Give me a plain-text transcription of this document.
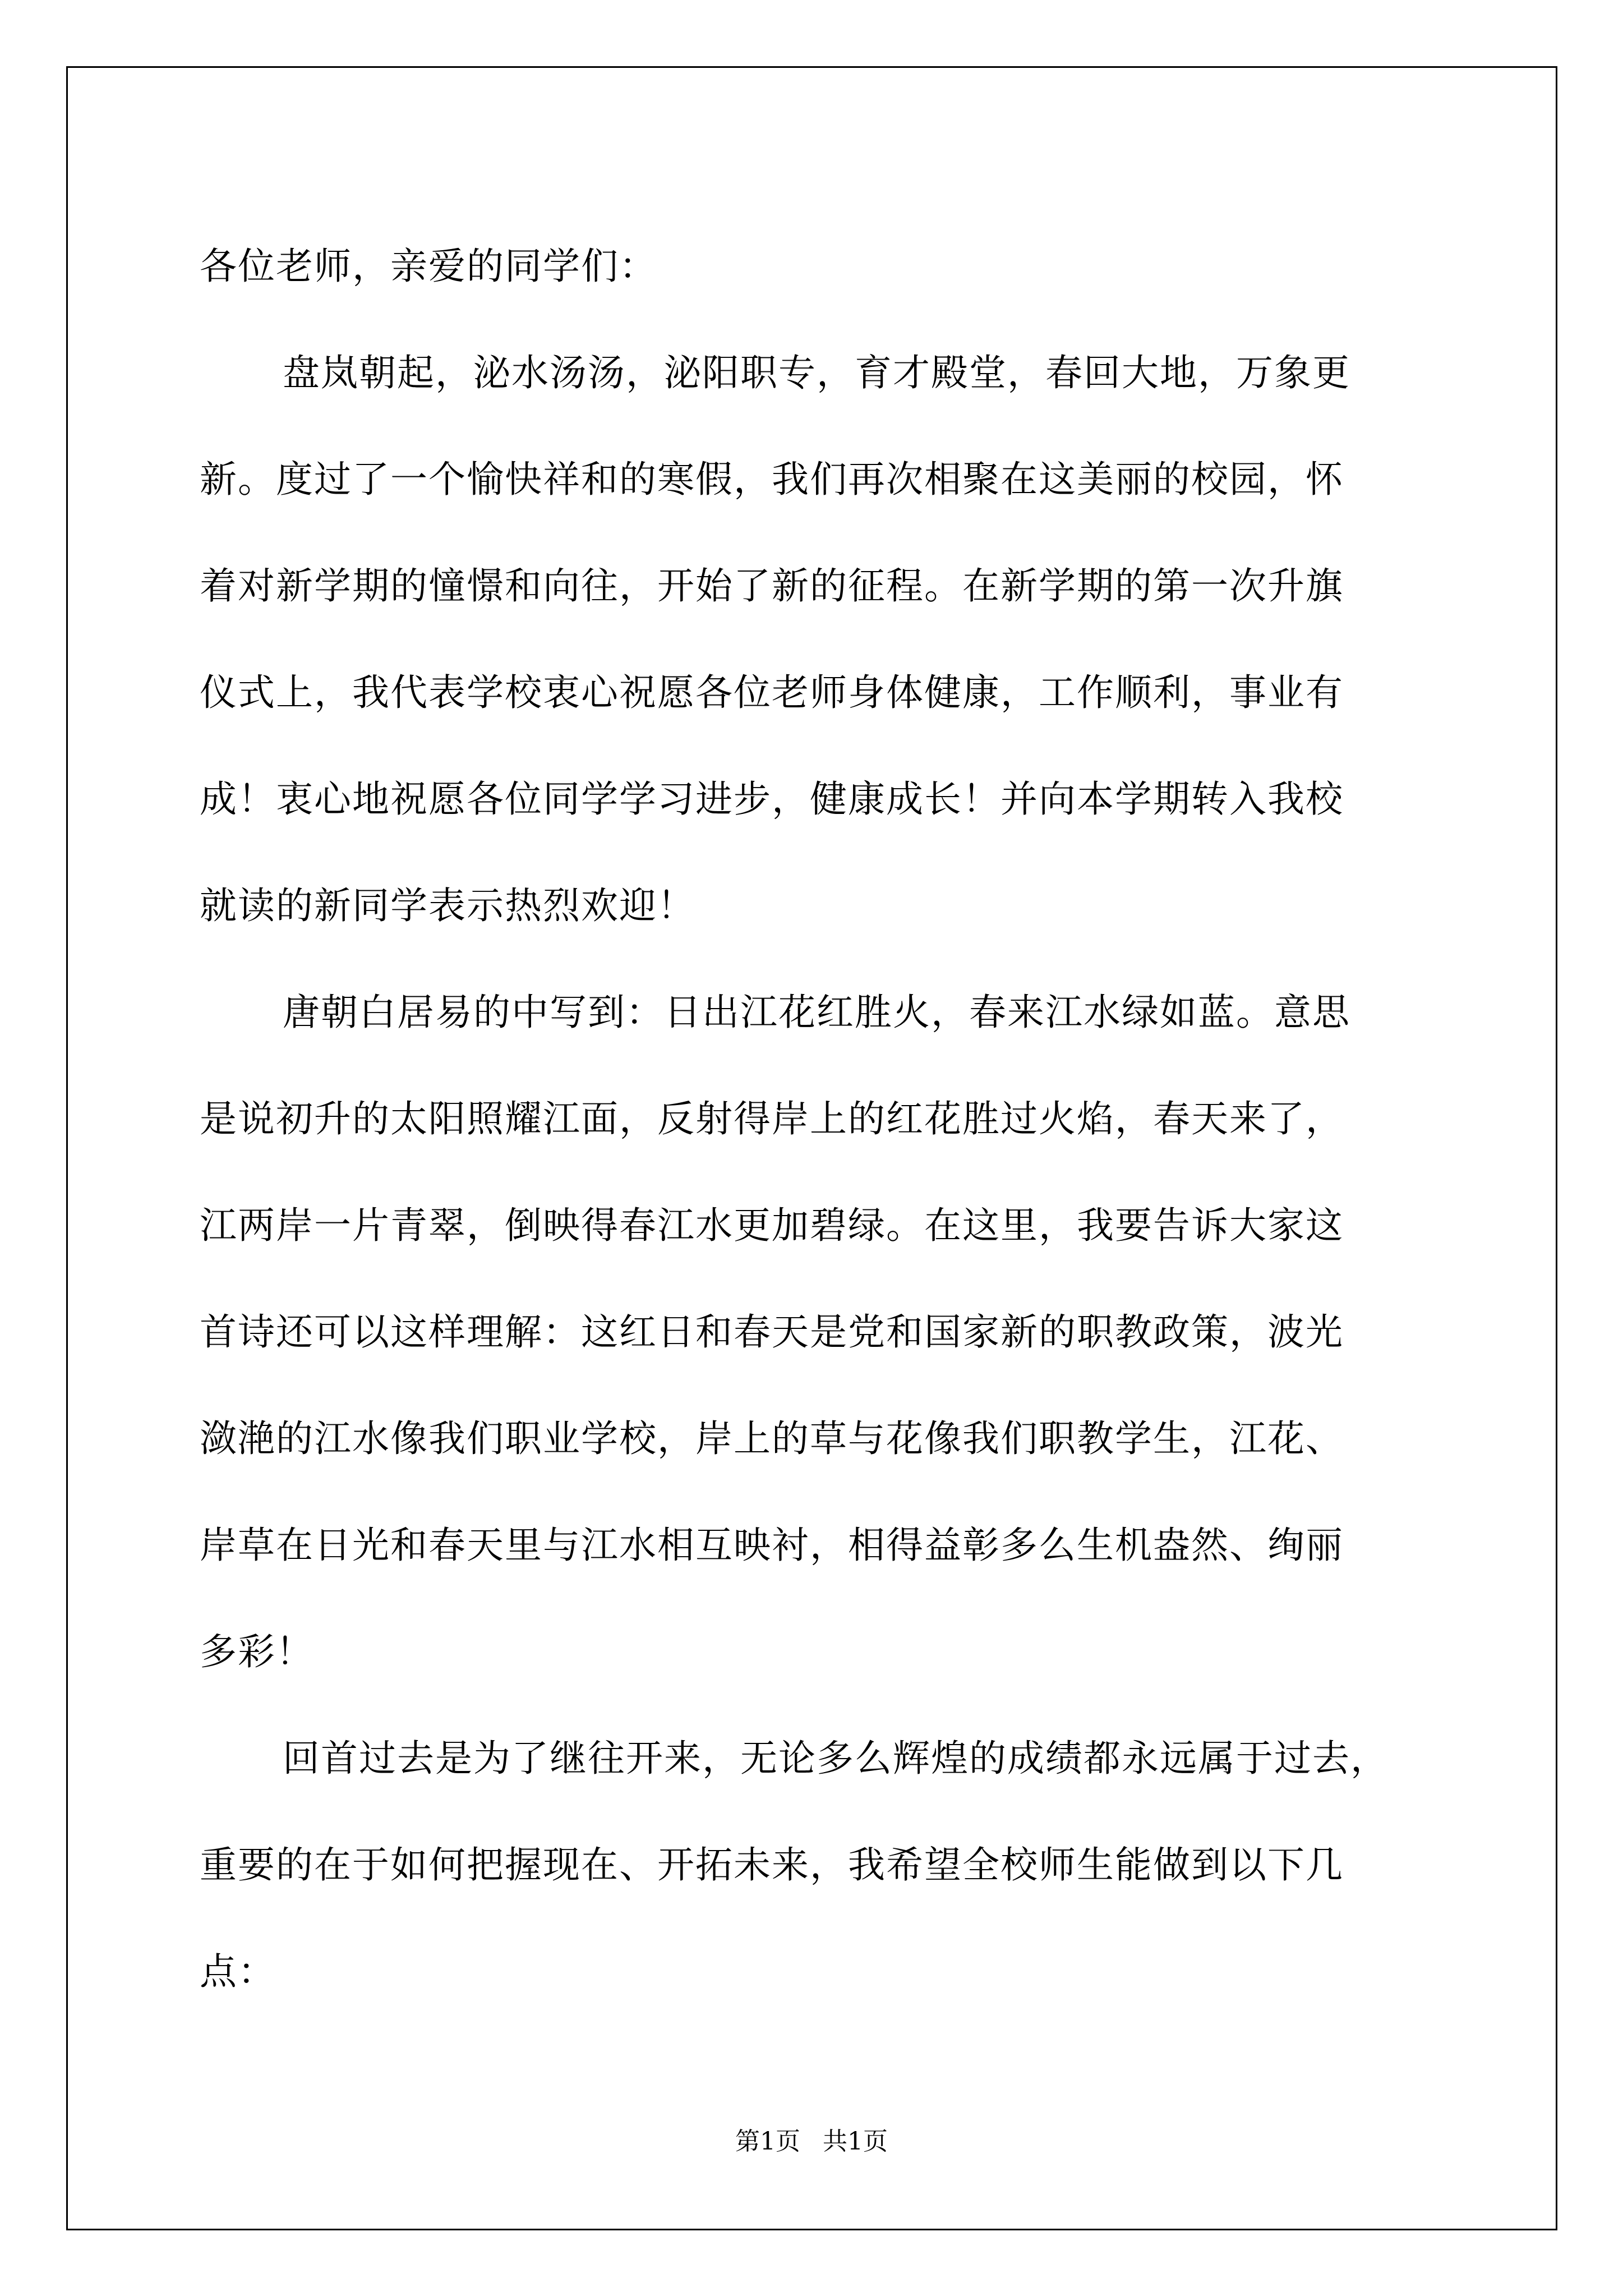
各位老师，亲爱的同学们：
盘岚朝起，泌水汤汤，泌阳职专，育才殿堂，春回大地，万象更
新。度过了一个愉快祥和的寒假，我们再次相聚在这美丽的校园，怀
着对新学期的憧憬和向往，开始了新的征程。在新学期的第一次升旗
仪式上，我代表学校衷心祝愿各位老师身体健康，工作顺利，事业有
成！衷心地祝愿各位同学学习进步，健康成长！并向本学期转入我校
就读的新同学表示热烈欢迎！
唐朝白居易的中写到：日出江花红胜火，春来江水绿如蓝。意思
是说初升的太阳照耀江面，反射得岸上的红花胜过火焰，春天来了，
江两岸一片青翠，倒映得春江水更加碧绿。在这里，我要告诉大家这
首诗还可以这样理解：这红日和春天是党和国家新的职教政策，波光
潋滟的江水像我们职业学校，岸上的草与花像我们职教学生，江花、
岸草在日光和春天里与江水相互映衬，相得益彰多么生机盎然、绚丽
多彩！
回首过去是为了继往开来，无论多么辉煌的成绩都永远属于过去，
重要的在于如何把握现在、开拓未来，我希望全校师生能做到以下几
点：
第1页 共1页
